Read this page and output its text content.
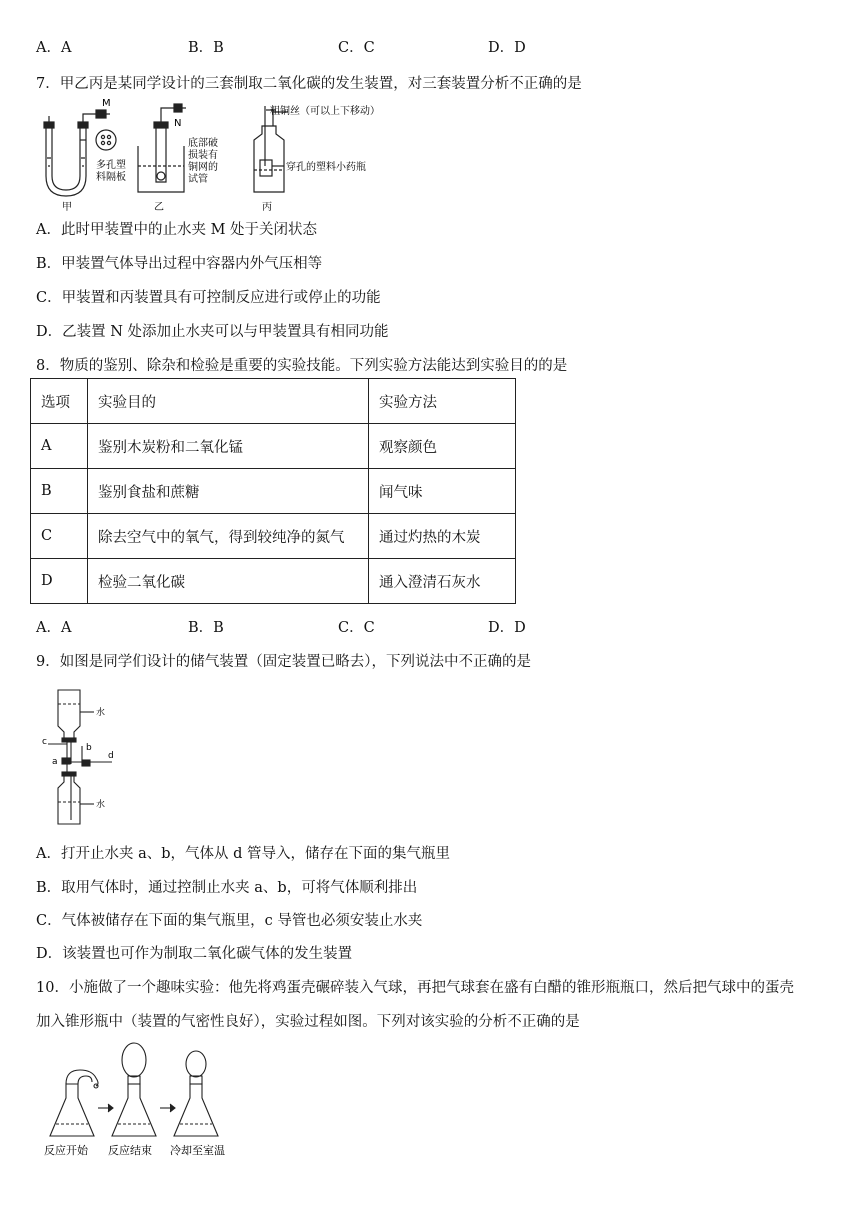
A．A	B．B	C．C	D．D
7．甲乙丙是某同学设计的三套制取二氧化碳的发生装置，对三套装置分析不正确的是
M
多孔塑
料隔板
甲
N
底部破
损装有
铜网的
试管
乙
粗铜丝（可以上下移动）
穿孔的塑料小药瓶
丙
A．此时甲装置中的止水夹 M 处于关闭状态
B．甲装置气体导出过程中容器内外气压相等
C．甲装置和丙装置具有可控制反应进行或停止的功能
D．乙装置 N 处添加止水夹可以与甲装置具有相同功能
8．物质的鉴别、除杂和检验是重要的实验技能。下列实验方法能达到实验目的的是
选项	实验目的	实验方法
A	鉴别木炭粉和二氧化锰	观察颜色
B	鉴别食盐和蔗糖	闻气味
C	除去空气中的氧气，得到较纯净的氮气	通过灼热的木炭
D	检验二氧化碳	通入澄清石灰水
A．A	B．B	C．C	D．D
9．如图是同学们设计的储气装置（固定装置已略去），下列说法中不正确的是
水
水
c
a
b
d
A．打开止水夹 a、b，气体从 d 管导入，储存在下面的集气瓶里
B．取用气体时，通过控制止水夹 a、b，可将气体顺利排出
C．气体被储存在下面的集气瓶里，c 导管也必须安装止水夹
D．该装置也可作为制取二氧化碳气体的发生装置
10．小施做了一个趣味实验：他先将鸡蛋壳碾碎装入气球，再把气球套在盛有白醋的锥形瓶瓶口，然后把气球中的蛋壳
加入锥形瓶中（装置的气密性良好），实验过程如图。下列对该实验的分析不正确的是
反应开始 反应结束 冷却至室温
